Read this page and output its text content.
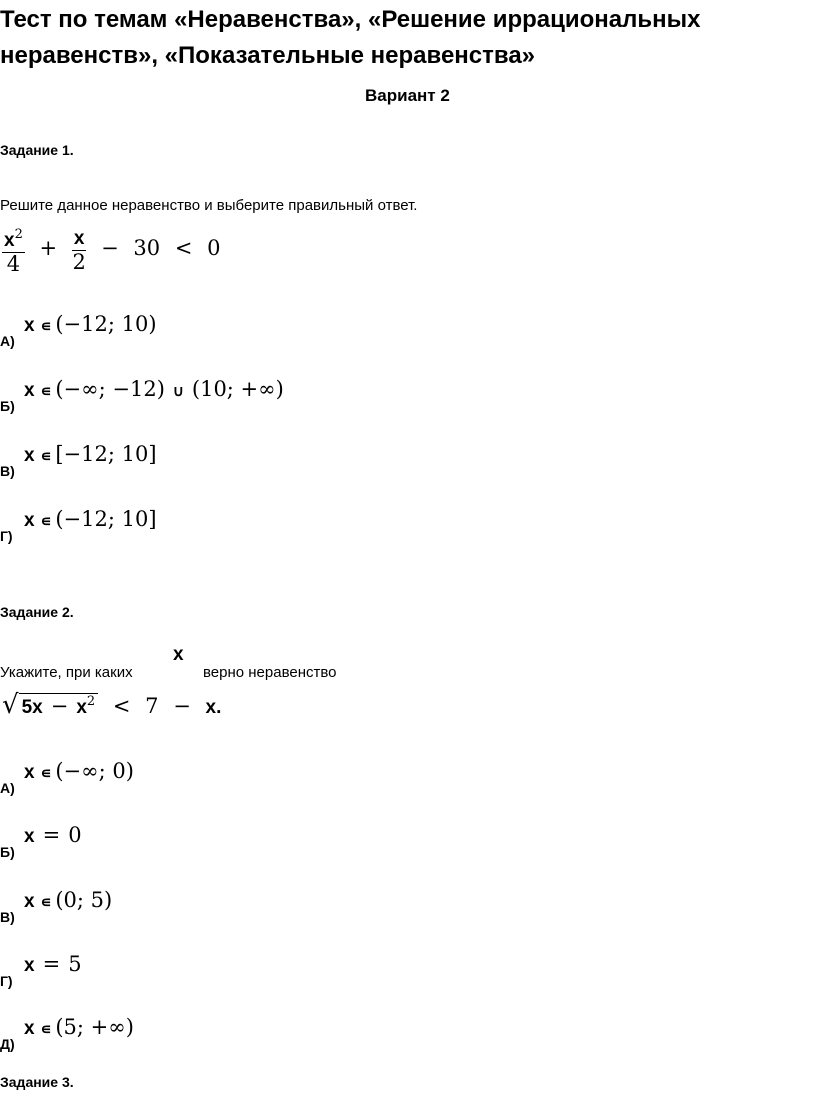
Тест по темам «Неравенства», «Решение иррациональных
неравенств», «Показательные неравенства»
Вариант 2
Задание 1.
Решите данное неравенство и выберите правильный ответ.
$\frac{x^2}{4} + \frac{x}{2} - 30 < 0$
А)
x ∊ (−12; 10)
Б)
x ∊ (−∞; −12) ∪ (10; +∞)
В)
x ∊ [−12; 10]
Г)
x ∊ (−12; 10]
Задание 2.
Укажите, при каких
x
верно неравенство
√ $5x - x^2 < 7 - x$.
А)
x ∊ (−∞; 0)
Б)
x = 0
В)
x ∊ (0; 5)
Г)
x = 5
Д)
x ∊ (5; +∞)
Задание 3.
